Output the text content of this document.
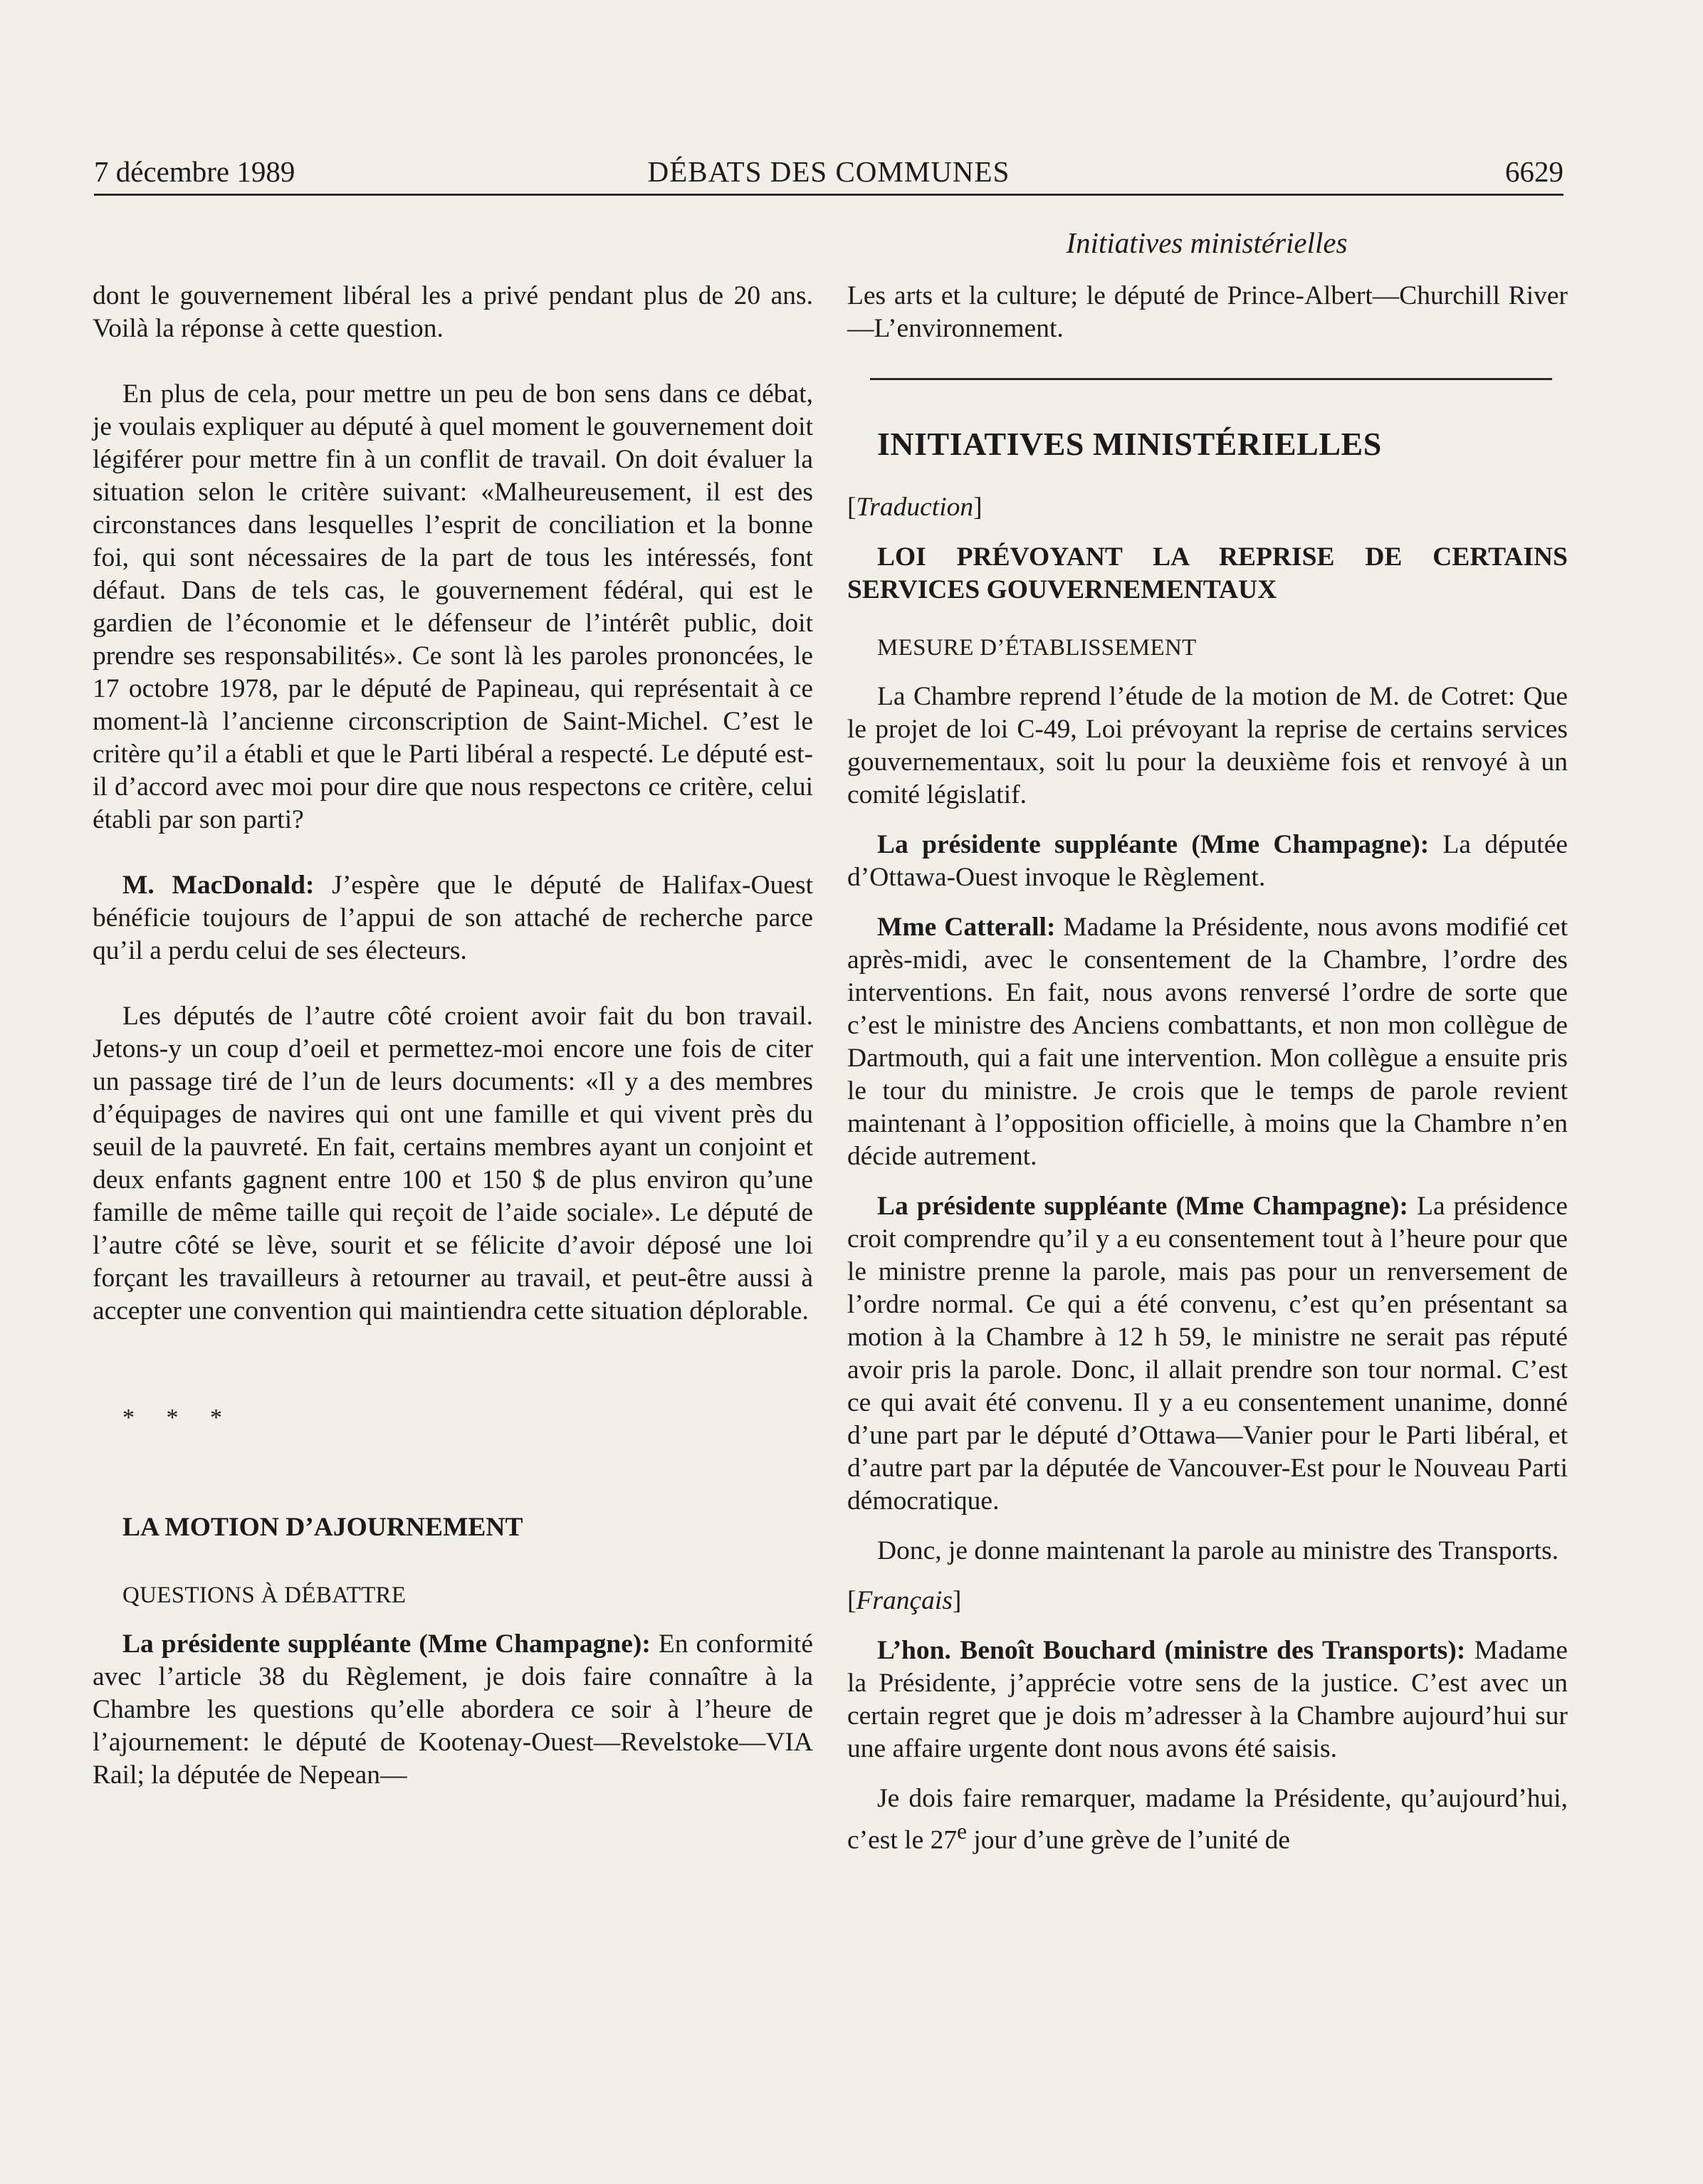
7 décembre 1989	DÉBATS DES COMMUNES	6629
Initiatives ministérielles

dont le gouvernement libéral les a privé pendant plus de 20 ans. Voilà la réponse à cette question.

En plus de cela, pour mettre un peu de bon sens dans ce débat, je voulais expliquer au député à quel moment le gouvernement doit légiférer pour mettre fin à un conflit de travail. On doit évaluer la situation selon le critère suivant: «Malheureusement, il est des circonstances dans lesquelles l’esprit de conciliation et la bonne foi, qui sont nécessaires de la part de tous les intéressés, font défaut. Dans de tels cas, le gouvernement fédéral, qui est le gardien de l’économie et le défenseur de l’intérêt public, doit prendre ses responsabilités». Ce sont là les paroles prononcées, le 17 octobre 1978, par le député de Papineau, qui représentait à ce moment-là l’ancienne circonscription de Saint-Michel. C’est le critère qu’il a établi et que le Parti libéral a respecté. Le député est-il d’accord avec moi pour dire que nous respectons ce critère, celui établi par son parti?

M. MacDonald: J’espère que le député de Halifax-Ouest bénéficie toujours de l’appui de son attaché de recherche parce qu’il a perdu celui de ses électeurs.

Les députés de l’autre côté croient avoir fait du bon travail. Jetons-y un coup d’oeil et permettez-moi encore une fois de citer un passage tiré de l’un de leurs documents: «Il y a des membres d’équipages de navires qui ont une famille et qui vivent près du seuil de la pauvreté. En fait, certains membres ayant un conjoint et deux enfants gagnent entre 100 et 150 $ de plus environ qu’une famille de même taille qui reçoit de l’aide sociale». Le député de l’autre côté se lève, sourit et se félicite d’avoir déposé une loi forçant les travailleurs à retourner au travail, et peut-être aussi à accepter une convention qui maintiendra cette situation déplorable.

* * *

LA MOTION D’AJOURNEMENT

QUESTIONS À DÉBATTRE

La présidente suppléante (Mme Champagne): En conformité avec l’article 38 du Règlement, je dois faire connaître à la Chambre les questions qu’elle abordera ce soir à l’heure de l’ajournement: le député de Kootenay-Ouest—Revelstoke—VIA Rail; la députée de Nepean—

Les arts et la culture; le député de Prince-Albert—Churchill River—L’environnement.

INITIATIVES MINISTÉRIELLES

[Traduction]

LOI PRÉVOYANT LA REPRISE DE CERTAINS SERVICES GOUVERNEMENTAUX

MESURE D’ÉTABLISSEMENT

La Chambre reprend l’étude de la motion de M. de Cotret: Que le projet de loi C-49, Loi prévoyant la reprise de certains services gouvernementaux, soit lu pour la deuxième fois et renvoyé à un comité législatif.

La présidente suppléante (Mme Champagne): La députée d’Ottawa-Ouest invoque le Règlement.

Mme Catterall: Madame la Présidente, nous avons modifié cet après-midi, avec le consentement de la Chambre, l’ordre des interventions. En fait, nous avons renversé l’ordre de sorte que c’est le ministre des Anciens combattants, et non mon collègue de Dartmouth, qui a fait une intervention. Mon collègue a ensuite pris le tour du ministre. Je crois que le temps de parole revient maintenant à l’opposition officielle, à moins que la Chambre n’en décide autrement.

La présidente suppléante (Mme Champagne): La présidence croit comprendre qu’il y a eu consentement tout à l’heure pour que le ministre prenne la parole, mais pas pour un renversement de l’ordre normal. Ce qui a été convenu, c’est qu’en présentant sa motion à la Chambre à 12 h 59, le ministre ne serait pas réputé avoir pris la parole. Donc, il allait prendre son tour normal. C’est ce qui avait été convenu. Il y a eu consentement unanime, donné d’une part par le député d’Ottawa—Vanier pour le Parti libéral, et d’autre part par la députée de Vancouver-Est pour le Nouveau Parti démocratique.

Donc, je donne maintenant la parole au ministre des Transports.

[Français]

L’hon. Benoît Bouchard (ministre des Transports): Madame la Présidente, j’apprécie votre sens de la justice. C’est avec un certain regret que je dois m’adresser à la Chambre aujourd’hui sur une affaire urgente dont nous avons été saisis.

Je dois faire remarquer, madame la Présidente, qu’aujourd’hui, c’est le 27e jour d’une grève de l’unité de
